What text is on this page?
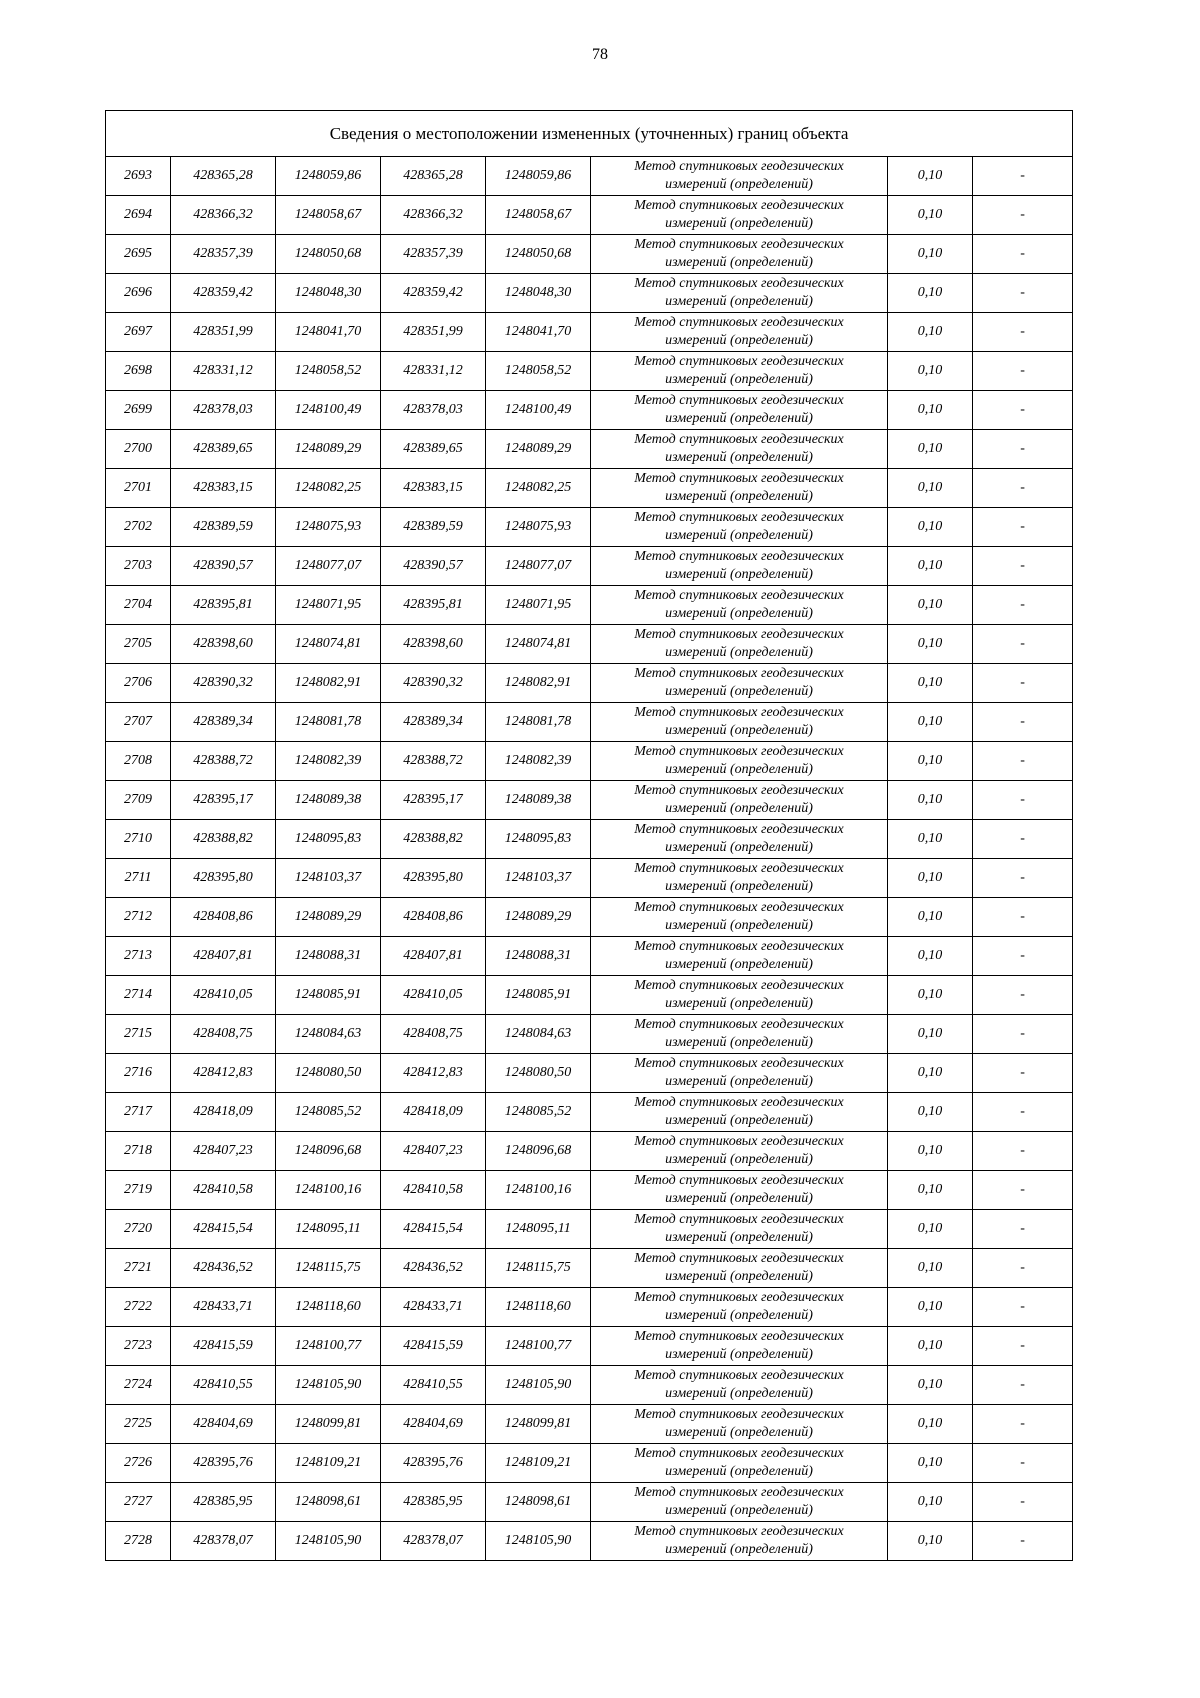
78
Сведения о местоположении измененных (уточненных) границ объекта							
2693	428365,28	1248059,86	428365,28	1248059,86	Метод спутниковых геодезических
измерений (определений)	0,10	-
2694	428366,32	1248058,67	428366,32	1248058,67	Метод спутниковых геодезических
измерений (определений)	0,10	-
2695	428357,39	1248050,68	428357,39	1248050,68	Метод спутниковых геодезических
измерений (определений)	0,10	-
2696	428359,42	1248048,30	428359,42	1248048,30	Метод спутниковых геодезических
измерений (определений)	0,10	-
2697	428351,99	1248041,70	428351,99	1248041,70	Метод спутниковых геодезических
измерений (определений)	0,10	-
2698	428331,12	1248058,52	428331,12	1248058,52	Метод спутниковых геодезических
измерений (определений)	0,10	-
2699	428378,03	1248100,49	428378,03	1248100,49	Метод спутниковых геодезических
измерений (определений)	0,10	-
2700	428389,65	1248089,29	428389,65	1248089,29	Метод спутниковых геодезических
измерений (определений)	0,10	-
2701	428383,15	1248082,25	428383,15	1248082,25	Метод спутниковых геодезических
измерений (определений)	0,10	-
2702	428389,59	1248075,93	428389,59	1248075,93	Метод спутниковых геодезических
измерений (определений)	0,10	-
2703	428390,57	1248077,07	428390,57	1248077,07	Метод спутниковых геодезических
измерений (определений)	0,10	-
2704	428395,81	1248071,95	428395,81	1248071,95	Метод спутниковых геодезических
измерений (определений)	0,10	-
2705	428398,60	1248074,81	428398,60	1248074,81	Метод спутниковых геодезических
измерений (определений)	0,10	-
2706	428390,32	1248082,91	428390,32	1248082,91	Метод спутниковых геодезических
измерений (определений)	0,10	-
2707	428389,34	1248081,78	428389,34	1248081,78	Метод спутниковых геодезических
измерений (определений)	0,10	-
2708	428388,72	1248082,39	428388,72	1248082,39	Метод спутниковых геодезических
измерений (определений)	0,10	-
2709	428395,17	1248089,38	428395,17	1248089,38	Метод спутниковых геодезических
измерений (определений)	0,10	-
2710	428388,82	1248095,83	428388,82	1248095,83	Метод спутниковых геодезических
измерений (определений)	0,10	-
2711	428395,80	1248103,37	428395,80	1248103,37	Метод спутниковых геодезических
измерений (определений)	0,10	-
2712	428408,86	1248089,29	428408,86	1248089,29	Метод спутниковых геодезических
измерений (определений)	0,10	-
2713	428407,81	1248088,31	428407,81	1248088,31	Метод спутниковых геодезических
измерений (определений)	0,10	-
2714	428410,05	1248085,91	428410,05	1248085,91	Метод спутниковых геодезических
измерений (определений)	0,10	-
2715	428408,75	1248084,63	428408,75	1248084,63	Метод спутниковых геодезических
измерений (определений)	0,10	-
2716	428412,83	1248080,50	428412,83	1248080,50	Метод спутниковых геодезических
измерений (определений)	0,10	-
2717	428418,09	1248085,52	428418,09	1248085,52	Метод спутниковых геодезических
измерений (определений)	0,10	-
2718	428407,23	1248096,68	428407,23	1248096,68	Метод спутниковых геодезических
измерений (определений)	0,10	-
2719	428410,58	1248100,16	428410,58	1248100,16	Метод спутниковых геодезических
измерений (определений)	0,10	-
2720	428415,54	1248095,11	428415,54	1248095,11	Метод спутниковых геодезических
измерений (определений)	0,10	-
2721	428436,52	1248115,75	428436,52	1248115,75	Метод спутниковых геодезических
измерений (определений)	0,10	-
2722	428433,71	1248118,60	428433,71	1248118,60	Метод спутниковых геодезических
измерений (определений)	0,10	-
2723	428415,59	1248100,77	428415,59	1248100,77	Метод спутниковых геодезических
измерений (определений)	0,10	-
2724	428410,55	1248105,90	428410,55	1248105,90	Метод спутниковых геодезических
измерений (определений)	0,10	-
2725	428404,69	1248099,81	428404,69	1248099,81	Метод спутниковых геодезических
измерений (определений)	0,10	-
2726	428395,76	1248109,21	428395,76	1248109,21	Метод спутниковых геодезических
измерений (определений)	0,10	-
2727	428385,95	1248098,61	428385,95	1248098,61	Метод спутниковых геодезических
измерений (определений)	0,10	-
2728	428378,07	1248105,90	428378,07	1248105,90	Метод спутниковых геодезических
измерений (определений)	0,10	-
